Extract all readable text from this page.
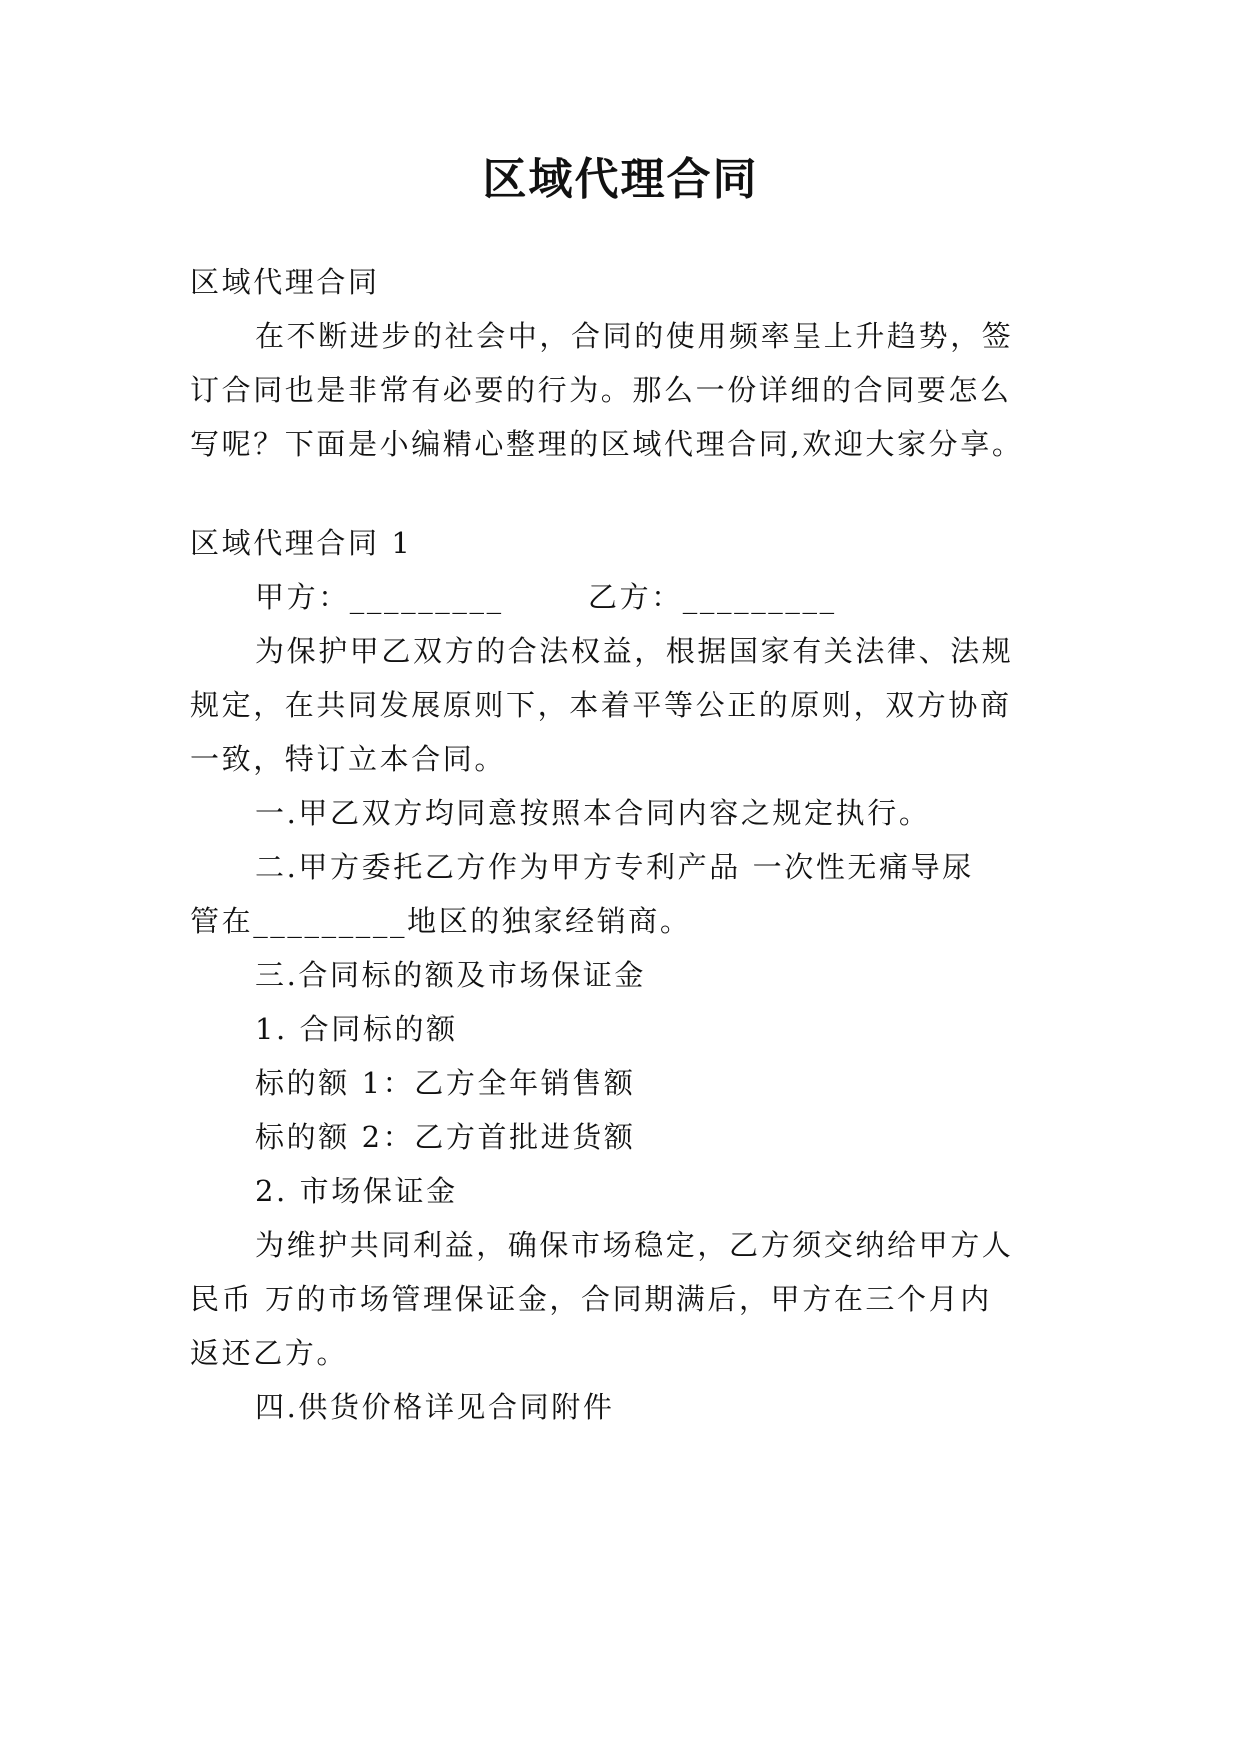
区域代理合同
区域代理合同
在不断进步的社会中，合同的使用频率呈上升趋势，签
订合同也是非常有必要的行为。那么一份详细的合同要怎么
写呢？下面是小编精心整理的区域代理合同,欢迎大家分享。
区域代理合同 1
甲方：_________	乙方：_________
为保护甲乙双方的合法权益，根据国家有关法律、法规
规定，在共同发展原则下，本着平等公正的原则，双方协商
一致，特订立本合同。
一.甲乙双方均同意按照本合同内容之规定执行。
二.甲方委托乙方作为甲方专利产品 一次性无痛导尿
管在_________地区的独家经销商。
三.合同标的额及市场保证金
1. 合同标的额
标的额 1：乙方全年销售额
标的额 2：乙方首批进货额
2. 市场保证金
为维护共同利益，确保市场稳定，乙方须交纳给甲方人
民币 万的市场管理保证金，合同期满后，甲方在三个月内
返还乙方。
四.供货价格详见合同附件
